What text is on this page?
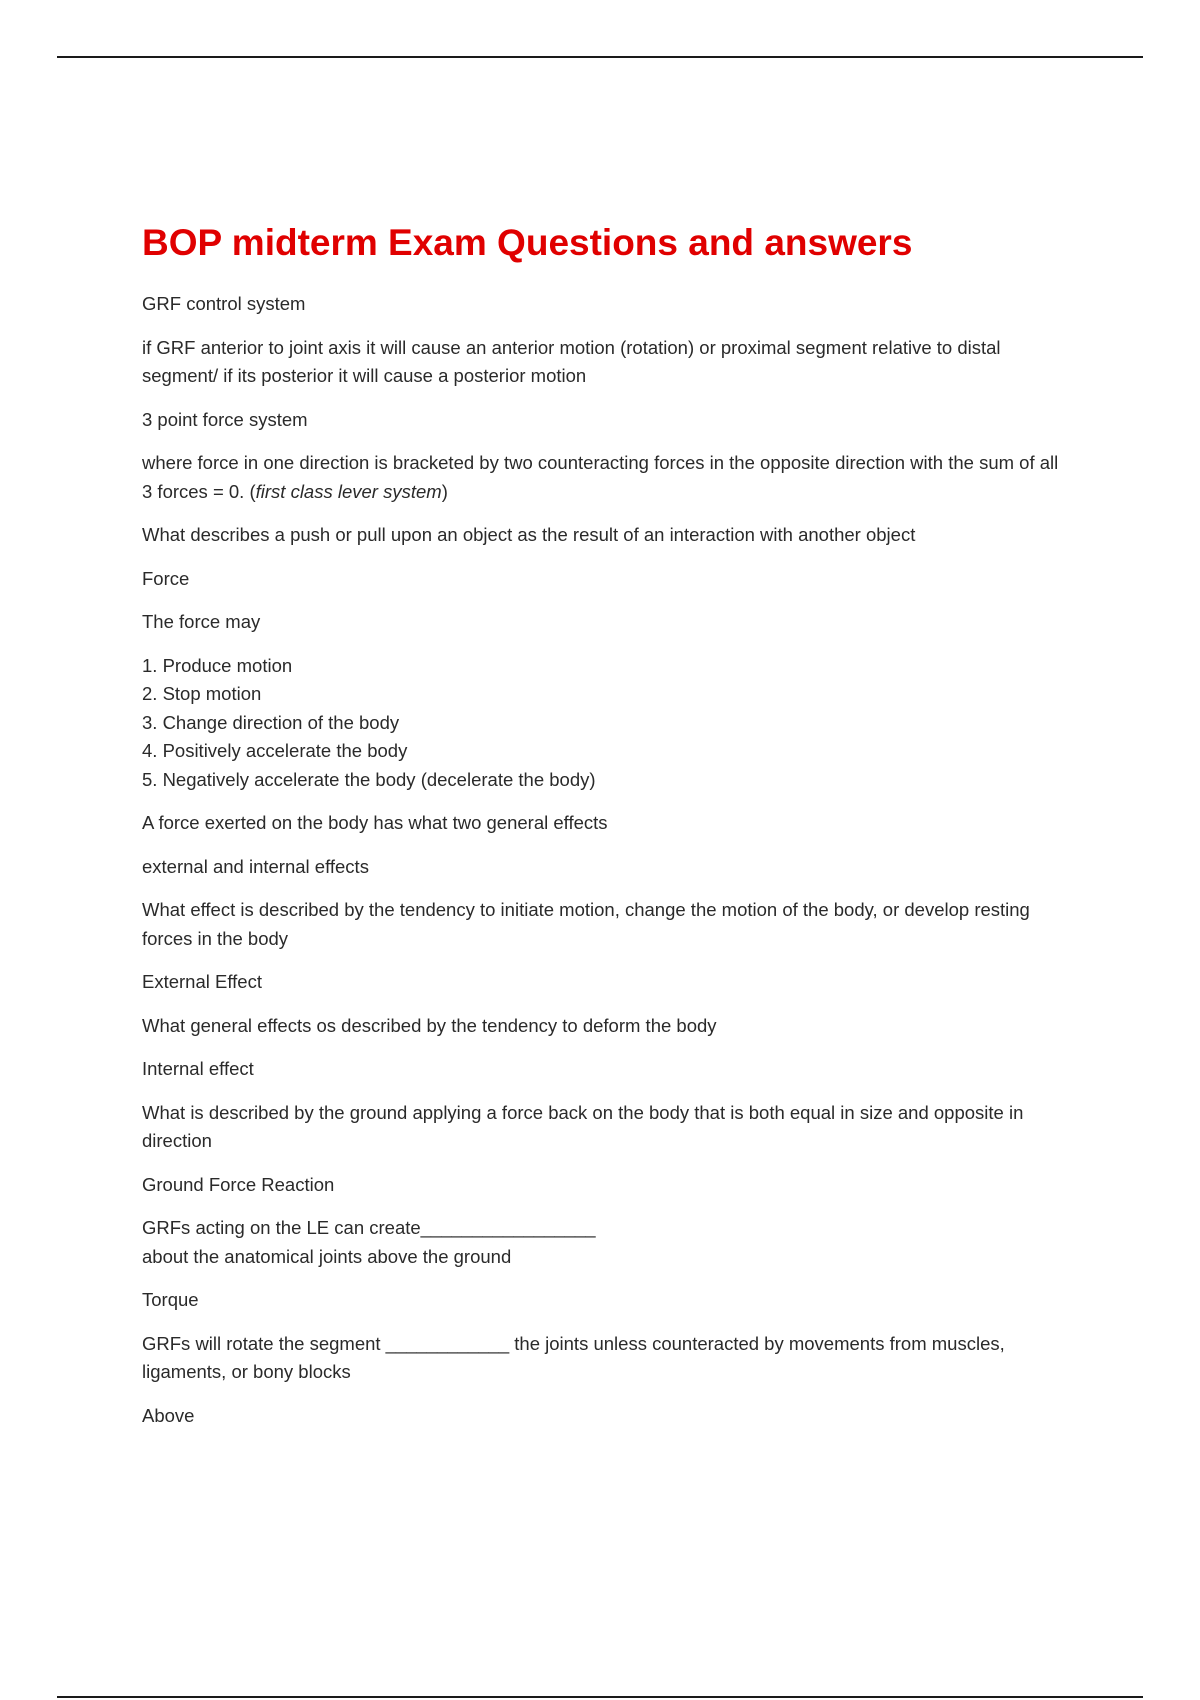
BOP midterm Exam Questions and answers

GRF control system

if GRF anterior to joint axis it will cause an anterior motion (rotation) or proximal segment relative to distal segment/ if its posterior it will cause a posterior motion

3 point force system

where force in one direction is bracketed by two counteracting forces in the opposite direction with the sum of all 3 forces = 0. (first class lever system)

What describes a push or pull upon an object as the result of an interaction with another object

Force

The force may

1. Produce motion
2. Stop motion
3. Change direction of the body
4. Positively accelerate the body
5. Negatively accelerate the body (decelerate the body)

A force exerted on the body has what two general effects

external and internal effects

What effect is described by the tendency to initiate motion, change the motion of the body, or develop resting forces in the body

External Effect

What general effects os described by the tendency to deform the body

Internal effect

What is described by the ground applying a force back on the body that is both equal in size and opposite in direction

Ground Force Reaction

GRFs acting on the LE can create_________________
about the anatomical joints above the ground

Torque

GRFs will rotate the segment ____________ the joints unless counteracted by movements from muscles, ligaments, or bony blocks

Above
